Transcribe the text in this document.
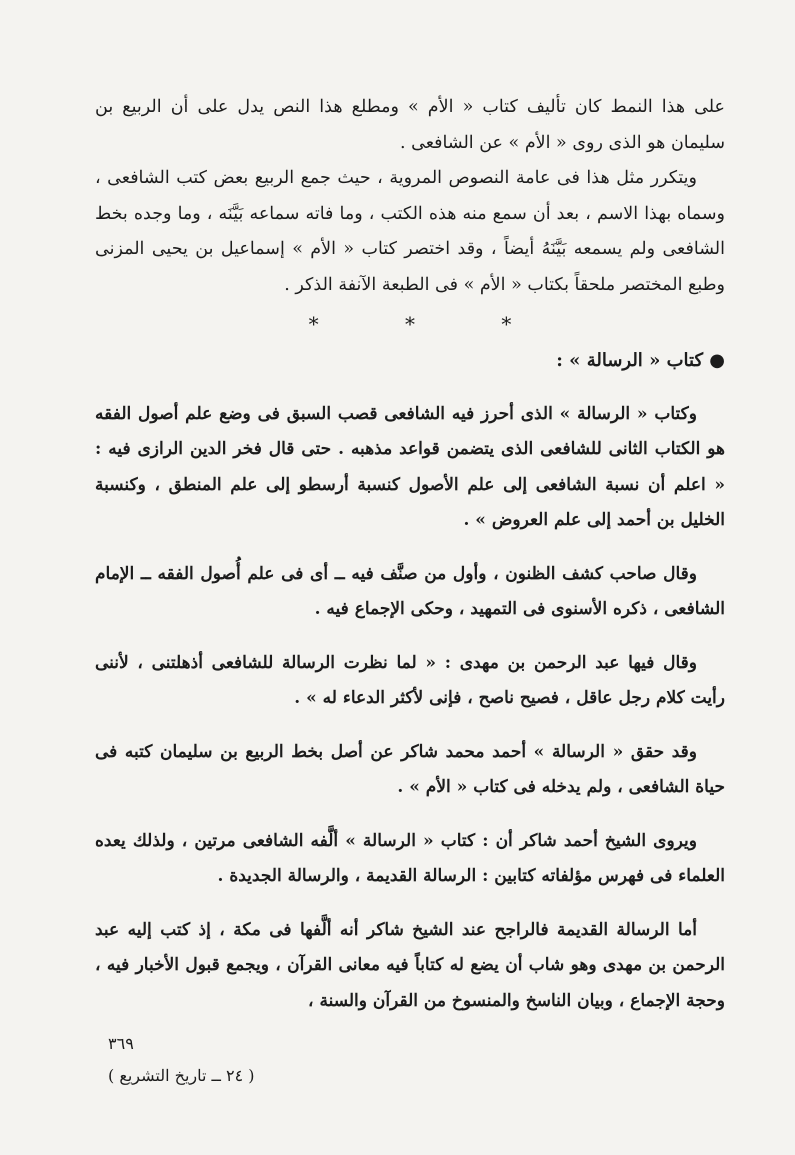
على هذا النمط كان تأليف كتاب « الأم » ومطلع هذا النص يدل على أن الربيع بن سليمان هو الذى روى « الأم » عن الشافعى .

ويتكرر مثل هذا فى عامة النصوص المروية ، حيث جمع الربيع بعض كتب الشافعى ، وسماه بهذا الاسم ، بعد أن سمع منه هذه الكتب ، وما فاته سماعه بَيَّنَه ، وما وجده بخط الشافعى ولم يسمعه بَيَّنَهُ أيضاً ، وقد اختصر كتاب « الأم » إسماعيل بن يحيى المزنى وطبع المختصر ملحقاً بكتاب « الأم » فى الطبعة الآنفة الذكر .

* * *

● كتاب « الرسالة » :

وكتاب « الرسالة » الذى أحرز فيه الشافعى قصب السبق فى وضع علم أصول الفقه هو الكتاب الثانى للشافعى الذى يتضمن قواعد مذهبه . حتى قال فخر الدين الرازى فيه : « اعلم أن نسبة الشافعى إلى علم الأصول كنسبة أرسطو إلى علم المنطق ، وكنسبة الخليل بن أحمد إلى علم العروض » .

وقال صاحب كشف الظنون ، وأول من صنَّف فيه ــ أى فى علم أُصول الفقه ــ الإمام الشافعى ، ذكره الأسنوى فى التمهيد ، وحكى الإجماع فيه .

وقال فيها عبد الرحمن بن مهدى : « لما نظرت الرسالة للشافعى أذهلتنى ، لأننى رأيت كلام رجل عاقل ، فصيح ناصح ، فإنى لأكثر الدعاء له » .

وقد حقق « الرسالة » أحمد محمد شاكر عن أصل بخط الربيع بن سليمان كتبه فى حياة الشافعى ، ولم يدخله فى كتاب « الأم » .

ويروى الشيخ أحمد شاكر أن : كتاب « الرسالة » ألَّفه الشافعى مرتين ، ولذلك يعده العلماء فى فهرس مؤلفاته كتابين : الرسالة القديمة ، والرسالة الجديدة .

أما الرسالة القديمة فالراجح عند الشيخ شاكر أنه ألَّفها فى مكة ، إذ كتب إليه عبد الرحمن بن مهدى وهو شاب أن يضع له كتاباً فيه معانى القرآن ، ويجمع قبول الأخبار فيه ، وحجة الإجماع ، وبيان الناسخ والمنسوخ من القرآن والسنة ،

٣٦٩
( ٢٤ ــ تاريخ التشريع )
